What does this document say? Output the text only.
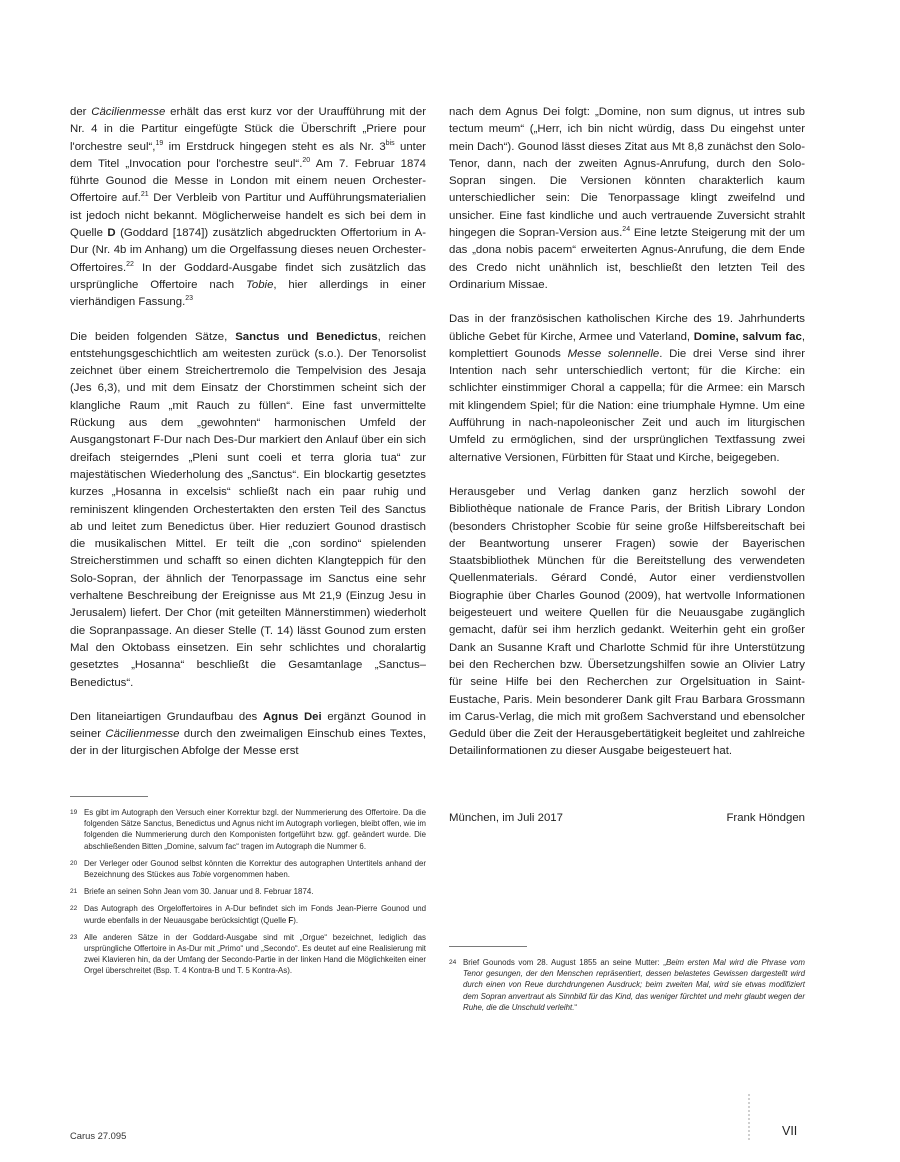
der Cäcilienmesse erhält das erst kurz vor der Uraufführung mit der Nr. 4 in die Partitur eingefügte Stück die Überschrift „Priere pour l'orchestre seul“,$^{19}$ im Erstdruck hingegen steht es als Nr. $3^{bis}$ unter dem Titel „Invocation pour l'orchestre seul“.$^{20}$ Am 7. Februar 1874 führte Gounod die Messe in London mit einem neuen Orchester-Offertoire auf.$^{21}$ Der Verbleib von Partitur und Aufführungsmaterialien ist jedoch nicht bekannt. Möglicherweise handelt es sich bei dem in Quelle D (Goddard [1874]) zusätzlich abgedruckten Offertorium in A-Dur (Nr. 4b im Anhang) um die Orgelfassung dieses neuen Orchester-Offertoires.$^{22}$ In der Goddard-Ausgabe findet sich zusätzlich das ursprüngliche Offertoire nach Tobie, hier allerdings in einer vierhändigen Fassung.$^{23}$

Die beiden folgenden Sätze, Sanctus und Benedictus, reichen entstehungsgeschichtlich am weitesten zurück (s.o.). Der Tenorsolist zeichnet über einem Streichertremolo die Tempelvision des Jesaja (Jes 6,3), und mit dem Einsatz der Chorstimmen scheint sich der klangliche Raum „mit Rauch zu füllen“. Eine fast unvermittelte Rückung aus dem „gewohnten“ harmonischen Umfeld der Ausgangstonart F-Dur nach Des-Dur markiert den Anlauf über ein sich dreifach steigerndes „Pleni sunt coeli et terra gloria tua“ zur majestätischen Wiederholung des „Sanctus“. Ein blockartig gesetztes kurzes „Hosanna in excelsis“ schließt nach ein paar ruhig und reminiszent klingenden Orchestertakten den ersten Teil des Sanctus ab und leitet zum Benedictus über. Hier reduziert Gounod drastisch die musikalischen Mittel. Er teilt die „con sordino“ spielenden Streicherstimmen und schafft so einen dichten Klangteppich für den Solo-Sopran, der ähnlich der Tenorpassage im Sanctus eine sehr verhaltene Beschreibung der Ereignisse aus Mt 21,9 (Einzug Jesu in Jerusalem) liefert. Der Chor (mit geteilten Männerstimmen) wiederholt die Sopranpassage. An dieser Stelle (T. 14) lässt Gounod zum ersten Mal den Oktobass einsetzen. Ein sehr schlichtes und choralartig gesetztes „Hosanna“ beschließt die Gesamtanlage „Sanctus–Benedictus“.

Den litaneiartigen Grundaufbau des Agnus Dei ergänzt Gounod in seiner Cäcilienmesse durch den zweimaligen Einschub eines Textes, der in der liturgischen Abfolge der Messe erst

nach dem Agnus Dei folgt: „Domine, non sum dignus, ut intres sub tectum meum“ („Herr, ich bin nicht würdig, dass Du eingehst unter mein Dach“). Gounod lässt dieses Zitat aus Mt 8,8 zunächst den Solo-Tenor, dann, nach der zweiten Agnus-Anrufung, durch den Solo-Sopran singen. Die Versionen könnten charakterlich kaum unterschiedlicher sein: Die Tenorpassage klingt zweifelnd und unsicher. Eine fast kindliche und auch vertrauende Zuversicht strahlt hingegen die Sopran-Version aus.$^{24}$ Eine letzte Steigerung mit der um das „dona nobis pacem“ erweiterten Agnus-Anrufung, die dem Ende des Credo nicht unähnlich ist, beschließt den letzten Teil des Ordinarium Missae.

Das in der französischen katholischen Kirche des 19. Jahrhunderts übliche Gebet für Kirche, Armee und Vaterland, Domine, salvum fac, komplettiert Gounods Messe solennelle. Die drei Verse sind ihrer Intention nach sehr unterschiedlich vertont; für die Kirche: ein schlichter einstimmiger Choral a cappella; für die Armee: ein Marsch mit klingendem Spiel; für die Nation: eine triumphale Hymne. Um eine Aufführung in nach-napoleonischer Zeit und auch im liturgischen Umfeld zu ermöglichen, sind der ursprünglichen Textfassung zwei alternative Versionen, Fürbitten für Staat und Kirche, beigegeben.

Herausgeber und Verlag danken ganz herzlich sowohl der Bibliothèque nationale de France Paris, der British Library London (besonders Christopher Scobie für seine große Hilfsbereitschaft bei der Beantwortung unserer Fragen) sowie der Bayerischen Staatsbibliothek München für die Bereitstellung des verwendeten Quellenmaterials. Gérard Condé, Autor einer verdienstvollen Biographie über Charles Gounod (2009), hat wertvolle Informationen beigesteuert und weitere Quellen für die Neuausgabe zugänglich gemacht, dafür sei ihm herzlich gedankt. Weiterhin geht ein großer Dank an Susanne Kraft und Charlotte Schmid für ihre Unterstützung bei den Recherchen bzw. Übersetzungshilfen sowie an Olivier Latry für seine Hilfe bei den Recherchen zur Orgelsituation in Saint-Eustache, Paris. Mein besonderer Dank gilt Frau Barbara Grossmann im Carus-Verlag, die mich mit großem Sachverstand und ebensolcher Geduld über die Zeit der Herausgebertätigkeit begleitet und zahlreiche Detailinformationen zu dieser Ausgabe beigesteuert hat.

München, im Juli 2017	Frank Höndgen
19 Es gibt im Autograph den Versuch einer Korrektur bzgl. der Nummerierung des Offertoire. Da die folgenden Sätze Sanctus, Benedictus und Agnus nicht im Autograph vorliegen, bleibt offen, wie im folgenden die Nummerierung durch den Komponisten fortgeführt bzw. ggf. geändert wurde. Die abschließenden Bitten „Domine, salvum fac“ tragen im Autograph die Nummer 6.
20 Der Verleger oder Gounod selbst könnten die Korrektur des autographen Untertitels anhand der Bezeichnung des Stückes aus Tobie vorgenommen haben.
21 Briefe an seinen Sohn Jean vom 30. Januar und 8. Februar 1874.
22 Das Autograph des Orgeloffertoires in A-Dur befindet sich im Fonds Jean-Pierre Gounod und wurde ebenfalls in der Neuausgabe berücksichtigt (Quelle F).
23 Alle anderen Sätze in der Goddard-Ausgabe sind mit „Orgue“ bezeichnet, lediglich das ursprüngliche Offertoire in As-Dur mit „Primo“ und „Secondo“. Es deutet auf eine Realisierung mit zwei Klavieren hin, da der Umfang der Secondo-Partie in der linken Hand die Möglichkeiten einer Orgel überschreitet (Bsp. T. 4 Kontra-B und T. 5 Kontra-As).
24 Brief Gounods vom 28. August 1855 an seine Mutter: „Beim ersten Mal wird die Phrase vom Tenor gesungen, der den Menschen repräsentiert, dessen belastetes Gewissen dargestellt wird durch einen von Reue durchdrungenen Ausdruck; beim zweiten Mal, wird sie etwas modifiziert dem Sopran anvertraut als Sinnbild für das Kind, das weniger fürchtet und mehr glaubt wegen der Ruhe, die die Unschuld verleiht.“
Carus 27.095	VII
